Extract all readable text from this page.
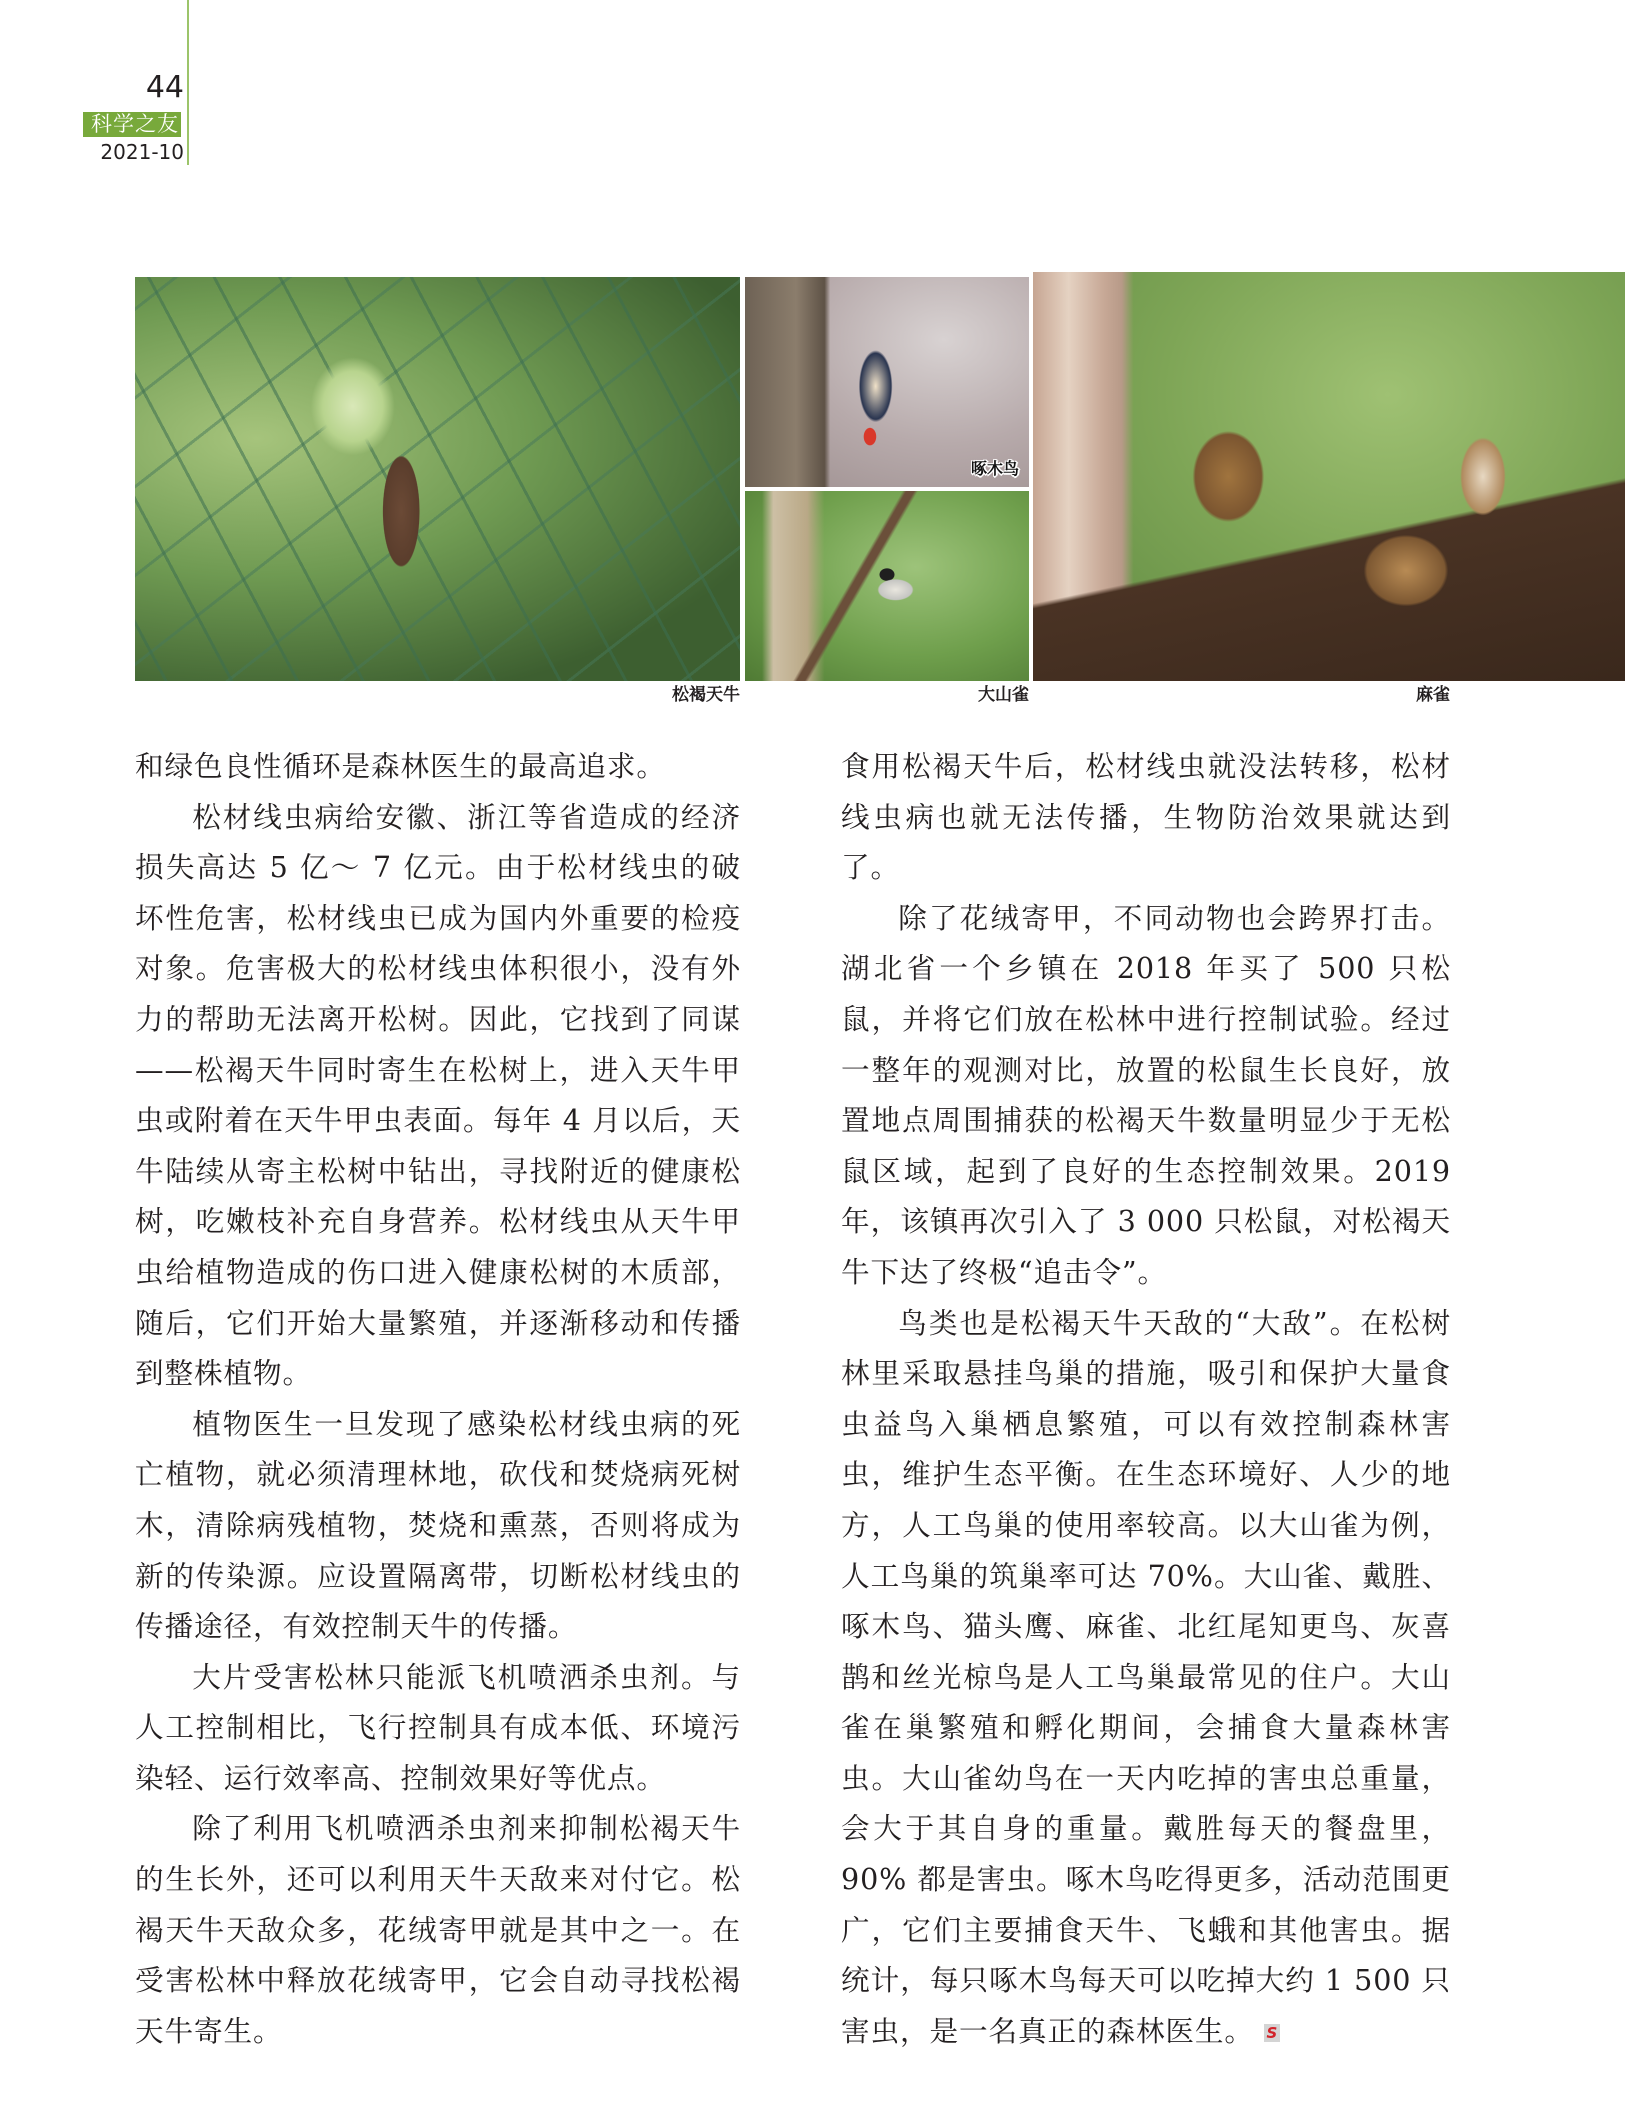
44
科学之友
2021-10
啄木鸟
松褐天牛	大山雀	麻雀

和绿色良性循环是森林医生的最高追求。

松材线虫病给安徽、浙江等省造成的经济损失高达 5 亿～ 7 亿元。由于松材线虫的破坏性危害，松材线虫已成为国内外重要的检疫对象。危害极大的松材线虫体积很小，没有外力的帮助无法离开松树。因此，它找到了同谋——松褐天牛同时寄生在松树上，进入天牛甲虫或附着在天牛甲虫表面。每年 4 月以后，天牛陆续从寄主松树中钻出，寻找附近的健康松树，吃嫩枝补充自身营养。松材线虫从天牛甲虫给植物造成的伤口进入健康松树的木质部，随后，它们开始大量繁殖，并逐渐移动和传播到整株植物。

植物医生一旦发现了感染松材线虫病的死亡植物，就必须清理林地，砍伐和焚烧病死树木，清除病残植物，焚烧和熏蒸，否则将成为新的传染源。应设置隔离带，切断松材线虫的传播途径，有效控制天牛的传播。

大片受害松林只能派飞机喷洒杀虫剂。与人工控制相比，飞行控制具有成本低、环境污染轻、运行效率高、控制效果好等优点。

除了利用飞机喷洒杀虫剂来抑制松褐天牛的生长外，还可以利用天牛天敌来对付它。松褐天牛天敌众多，花绒寄甲就是其中之一。在受害松林中释放花绒寄甲，它会自动寻找松褐天牛寄生。

食用松褐天牛后，松材线虫就没法转移，松材线虫病也就无法传播，生物防治效果就达到了。

除了花绒寄甲，不同动物也会跨界打击。湖北省一个乡镇在 2018 年买了 500 只松鼠，并将它们放在松林中进行控制试验。经过一整年的观测对比，放置的松鼠生长良好，放置地点周围捕获的松褐天牛数量明显少于无松鼠区域，起到了良好的生态控制效果。2019 年，该镇再次引入了 3 000 只松鼠，对松褐天牛下达了终极“追击令”。

鸟类也是松褐天牛天敌的“大敌”。在松树林里采取悬挂鸟巢的措施，吸引和保护大量食虫益鸟入巢栖息繁殖，可以有效控制森林害虫，维护生态平衡。在生态环境好、人少的地方，人工鸟巢的使用率较高。以大山雀为例，人工鸟巢的筑巢率可达 70%。大山雀、戴胜、啄木鸟、猫头鹰、麻雀、北红尾知更鸟、灰喜鹊和丝光椋鸟是人工鸟巢最常见的住户。大山雀在巢繁殖和孵化期间，会捕食大量森林害虫。大山雀幼鸟在一天内吃掉的害虫总重量，会大于其自身的重量。戴胜每天的餐盘里，90% 都是害虫。啄木鸟吃得更多，活动范围更广，它们主要捕食天牛、飞蛾和其他害虫。据统计，每只啄木鸟每天可以吃掉大约 1 500 只害虫，是一名真正的森林医生。 S
